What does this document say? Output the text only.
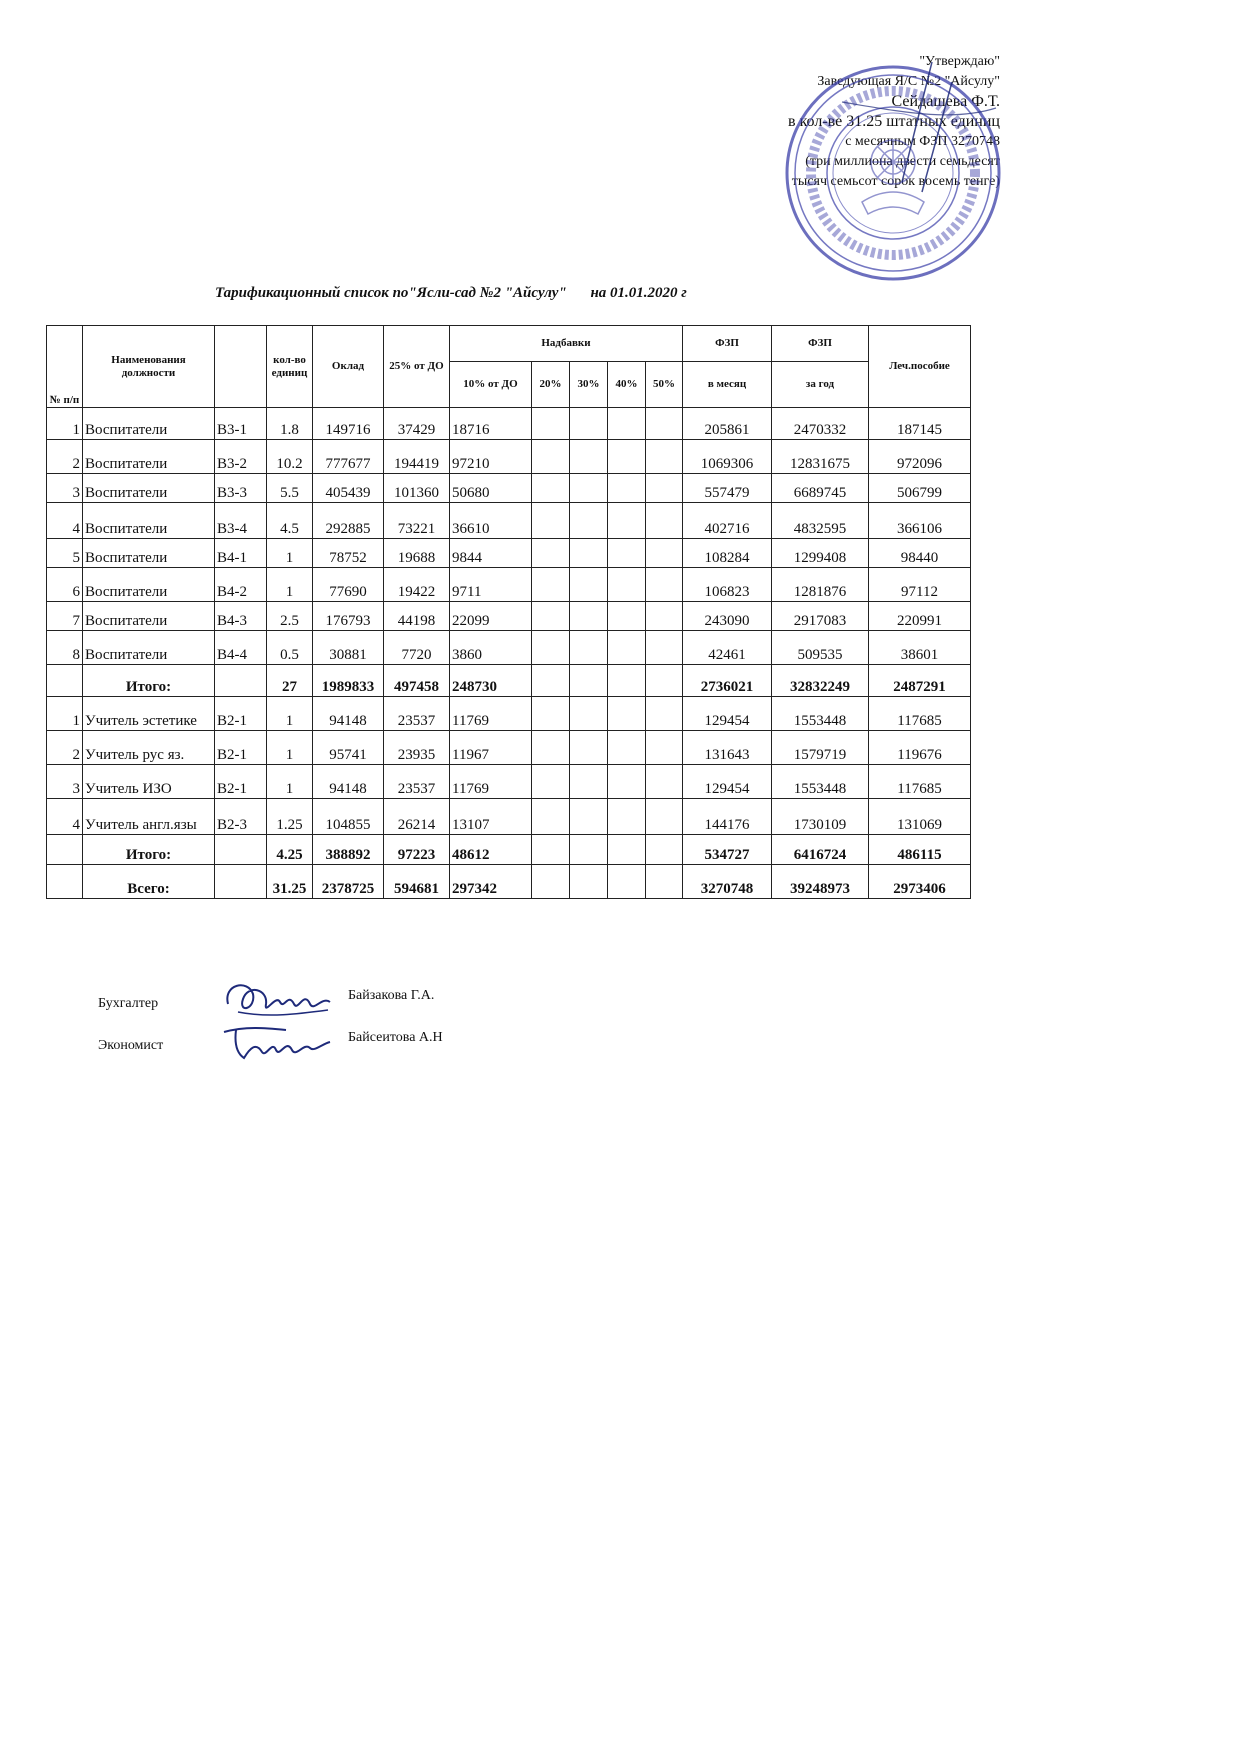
"Утверждаю"
Заведующая Я/С №2 "Айсулу"
Сейдашева Ф.Т.
в кол-ве 31.25 штатных единиц
с месячным ФЗП 3270748
(три миллиона двести семьдесят
тысяч семьсот сорок восемь тенге)
Тарификационный список по"Ясли-сад №2 "Айсулу" на 01.01.2020 г
№ п/п	Наименования должности		кол-во единиц	Оклад	25% от ДО	Надбавки					ФЗП	ФЗП	Леч.пособие
						10% от ДО	20%	30%	40%	50%	в месяц	за год	
1	Воспитатели	В3-1	1.8	149716	37429	18716					205861	2470332	187145
2	Воспитатели	В3-2	10.2	777677	194419	97210					1069306	12831675	972096
3	Воспитатели	В3-3	5.5	405439	101360	50680					557479	6689745	506799
4	Воспитатели	В3-4	4.5	292885	73221	36610					402716	4832595	366106
5	Воспитатели	В4-1	1	78752	19688	9844					108284	1299408	98440
6	Воспитатели	В4-2	1	77690	19422	9711					106823	1281876	97112
7	Воспитатели	В4-3	2.5	176793	44198	22099					243090	2917083	220991
8	Воспитатели	В4-4	0.5	30881	7720	3860					42461	509535	38601
	Итого:		27	1989833	497458	248730					2736021	32832249	2487291
1	Учитель эстетике	В2-1	1	94148	23537	11769					129454	1553448	117685
2	Учитель рус яз.	В2-1	1	95741	23935	11967					131643	1579719	119676
3	Учитель ИЗО	В2-1	1	94148	23537	11769					129454	1553448	117685
4	Учитель англ.язы	В2-3	1.25	104855	26214	13107					144176	1730109	131069
	Итого:		4.25	388892	97223	48612					534727	6416724	486115
	Всего:		31.25	2378725	594681	297342					3270748	39248973	2973406
Бухгалтер
Байзакова Г.А.
Экономист
Байсеитова А.Н
